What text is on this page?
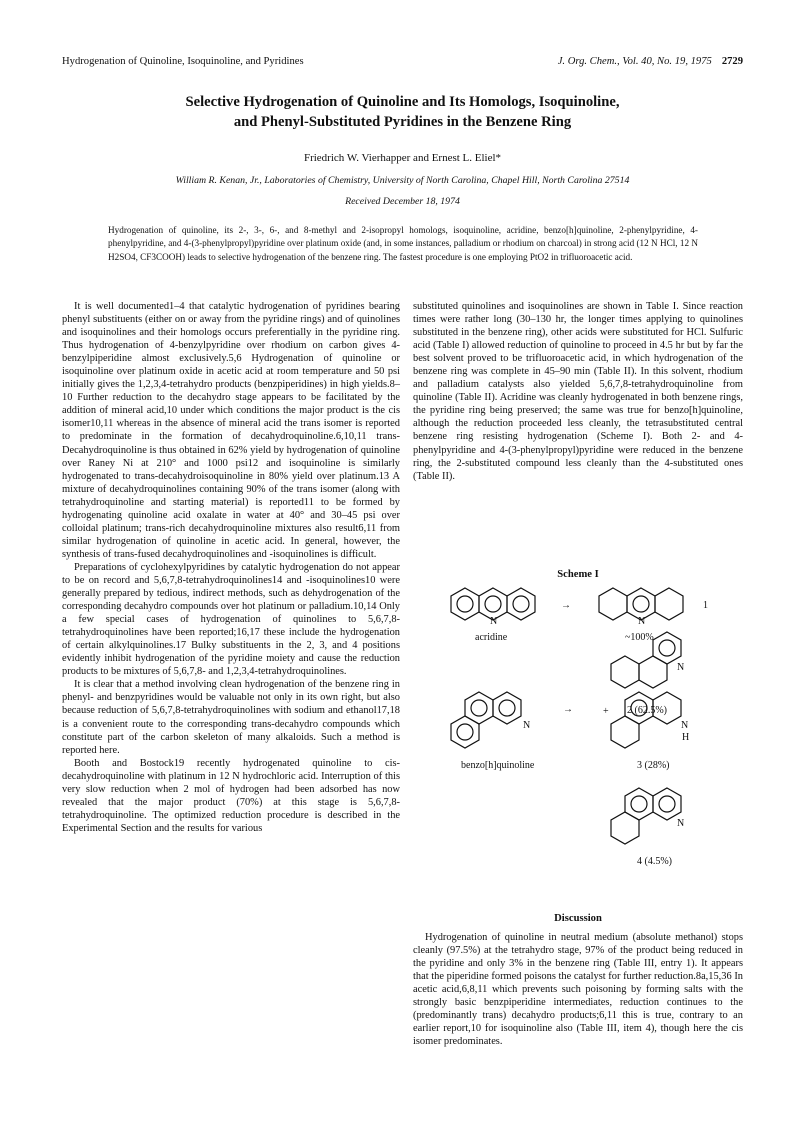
Hydrogenation of Quinoline, Isoquinoline, and Pyridines	J. Org. Chem., Vol. 40, No. 19, 1975 2729
Selective Hydrogenation of Quinoline and Its Homologs, Isoquinoline,
and Phenyl-Substituted Pyridines in the Benzene Ring
Friedrich W. Vierhapper and Ernest L. Eliel*
William R. Kenan, Jr., Laboratories of Chemistry, University of North Carolina, Chapel Hill, North Carolina 27514
Received December 18, 1974

Hydrogenation of quinoline, its 2-, 3-, 6-, and 8-methyl and 2-isopropyl homologs, isoquinoline, acridine, benzo[h]quinoline, 2-phenylpyridine, 4-phenylpyridine, and 4-(3-phenylpropyl)pyridine over platinum oxide (and, in some instances, palladium or rhodium on charcoal) in strong acid (12 N HCl, 12 N H2SO4, CF3COOH) leads to selective hydrogenation of the benzene ring. The fastest procedure is one employing PtO2 in trifluoroacetic acid.

It is well documented1–4 that catalytic hydrogenation of pyridines bearing phenyl substituents (either on or away from the pyridine rings) and of quinolines and isoquinolines and their homologs occurs preferentially in the pyridine ring. Thus hydrogenation of 4-benzylpyridine over rhodium on carbon gives 4-benzylpiperidine almost exclusively.5,6 Hydrogenation of quinoline or isoquinoline over platinum oxide in acetic acid at room temperature and 50 psi initially gives the 1,2,3,4-tetrahydro products (benzpiperidines) in high yields.8–10 Further reduction to the decahydro stage appears to be facilitated by the addition of mineral acid,10 under which conditions the major product is the cis isomer10,11 whereas in the absence of mineral acid the trans isomer is reported to predominate in the formation of decahydroquinoline.6,10,11 trans-Decahydroquinoline is thus obtained in 62% yield by hydrogenation of quinoline over Raney Ni at 210° and 1000 psi12 and isoquinoline is similarly hydrogenated to trans-decahydroisoquinoline in 80% yield over platinum.13 A mixture of decahydroquinolines containing 90% of the trans isomer (along with tetrahydroquinoline and starting material) is reported11 to be formed by hydrogenating quinoline acid oxalate in water at 40° and 30–45 psi over colloidal platinum; trans-rich decahydroquinoline mixtures also result6,11 from similar hydrogenation of quinoline in acetic acid. In general, however, the synthesis of trans-fused decahydroquinolines and -isoquinolines is difficult.

Preparations of cyclohexylpyridines by catalytic hydrogenation do not appear to be on record and 5,6,7,8-tetrahydroquinolines14 and -isoquinolines10 were generally prepared by tedious, indirect methods, such as dehydrogenation of the corresponding decahydro compounds over hot platinum or palladium.10,14 Only a few special cases of hydrogenation of quinolines to 5,6,7,8-tetrahydroquinolines have been reported;16,17 these include the hydrogenation of certain alkylquinolines.17 Bulky substituents in the 2, 3, and 4 positions evidently inhibit hydrogenation of the pyridine moiety and cause the reduction products to be mixtures of 5,6,7,8- and 1,2,3,4-tetrahydroquinolines.

It is clear that a method involving clean hydrogenation of the benzene ring in phenyl- and benzpyridines would be valuable not only in its own right, but also because reduction of 5,6,7,8-tetrahydroquinolines with sodium and ethanol17,18 is a convenient route to the corresponding trans-decahydro compounds which constitute part of the carbon skeleton of many alkaloids. Such a method is reported here.

Booth and Bostock19 recently hydrogenated quinoline to cis-decahydroquinoline with platinum in 12 N hydrochloric acid. Interruption of this very slow reduction when 2 mol of hydrogen had been adsorbed has now revealed that the major product (70%) at this stage is 5,6,7,8-tetrahydroquinoline. The optimized reduction procedure is described in the Experimental Section and the results for various

substituted quinolines and isoquinolines are shown in Table I. Since reaction times were rather long (30–130 hr, the longer times applying to quinolines substituted in the benzene ring), other acids were substituted for HCl. Sulfuric acid (Table I) allowed reduction of quinoline to proceed in 4.5 hr but by far the best solvent proved to be trifluoroacetic acid, in which hydrogenation of the benzene ring was complete in 45–90 min (Table II). In this solvent, rhodium and palladium catalysts also yielded 5,6,7,8-tetrahydroquinoline from quinoline (Table II). Acridine was cleanly hydrogenated in both benzene rings, the pyridine ring being preserved; the same was true for benzo[h]quinoline, although the reduction proceeded less cleanly, the tetrasubstituted central benzene ring resisting hydrogenation (Scheme I). Both 2- and 4-phenylpyridine and 4-(3-phenylpropyl)pyridine were reduced in the benzene ring, the 2-substituted compound less cleanly than the 4-substituted ones (Table II).

Scheme I
N	N
N
N	N
H
N
→
→	+
1
acridine	~100%
benzo[h]quinoline	3 (28%)
4 (4.5%)
2 (62.5%)
Discussion

Hydrogenation of quinoline in neutral medium (absolute methanol) stops cleanly (97.5%) at the tetrahydro stage, 97% of the product being reduced in the pyridine and only 3% in the benzene ring (Table III, entry 1). It appears that the piperidine formed poisons the catalyst for further reduction.8a,15,36 In acetic acid,6,8,11 which prevents such poisoning by forming salts with the strongly basic benzpiperidine intermediates, reduction continues to the (predominantly trans) decahydro products;6,11 this is true, contrary to an earlier report,10 for isoquinoline also (Table III, item 4), though here the cis isomer predominates.
